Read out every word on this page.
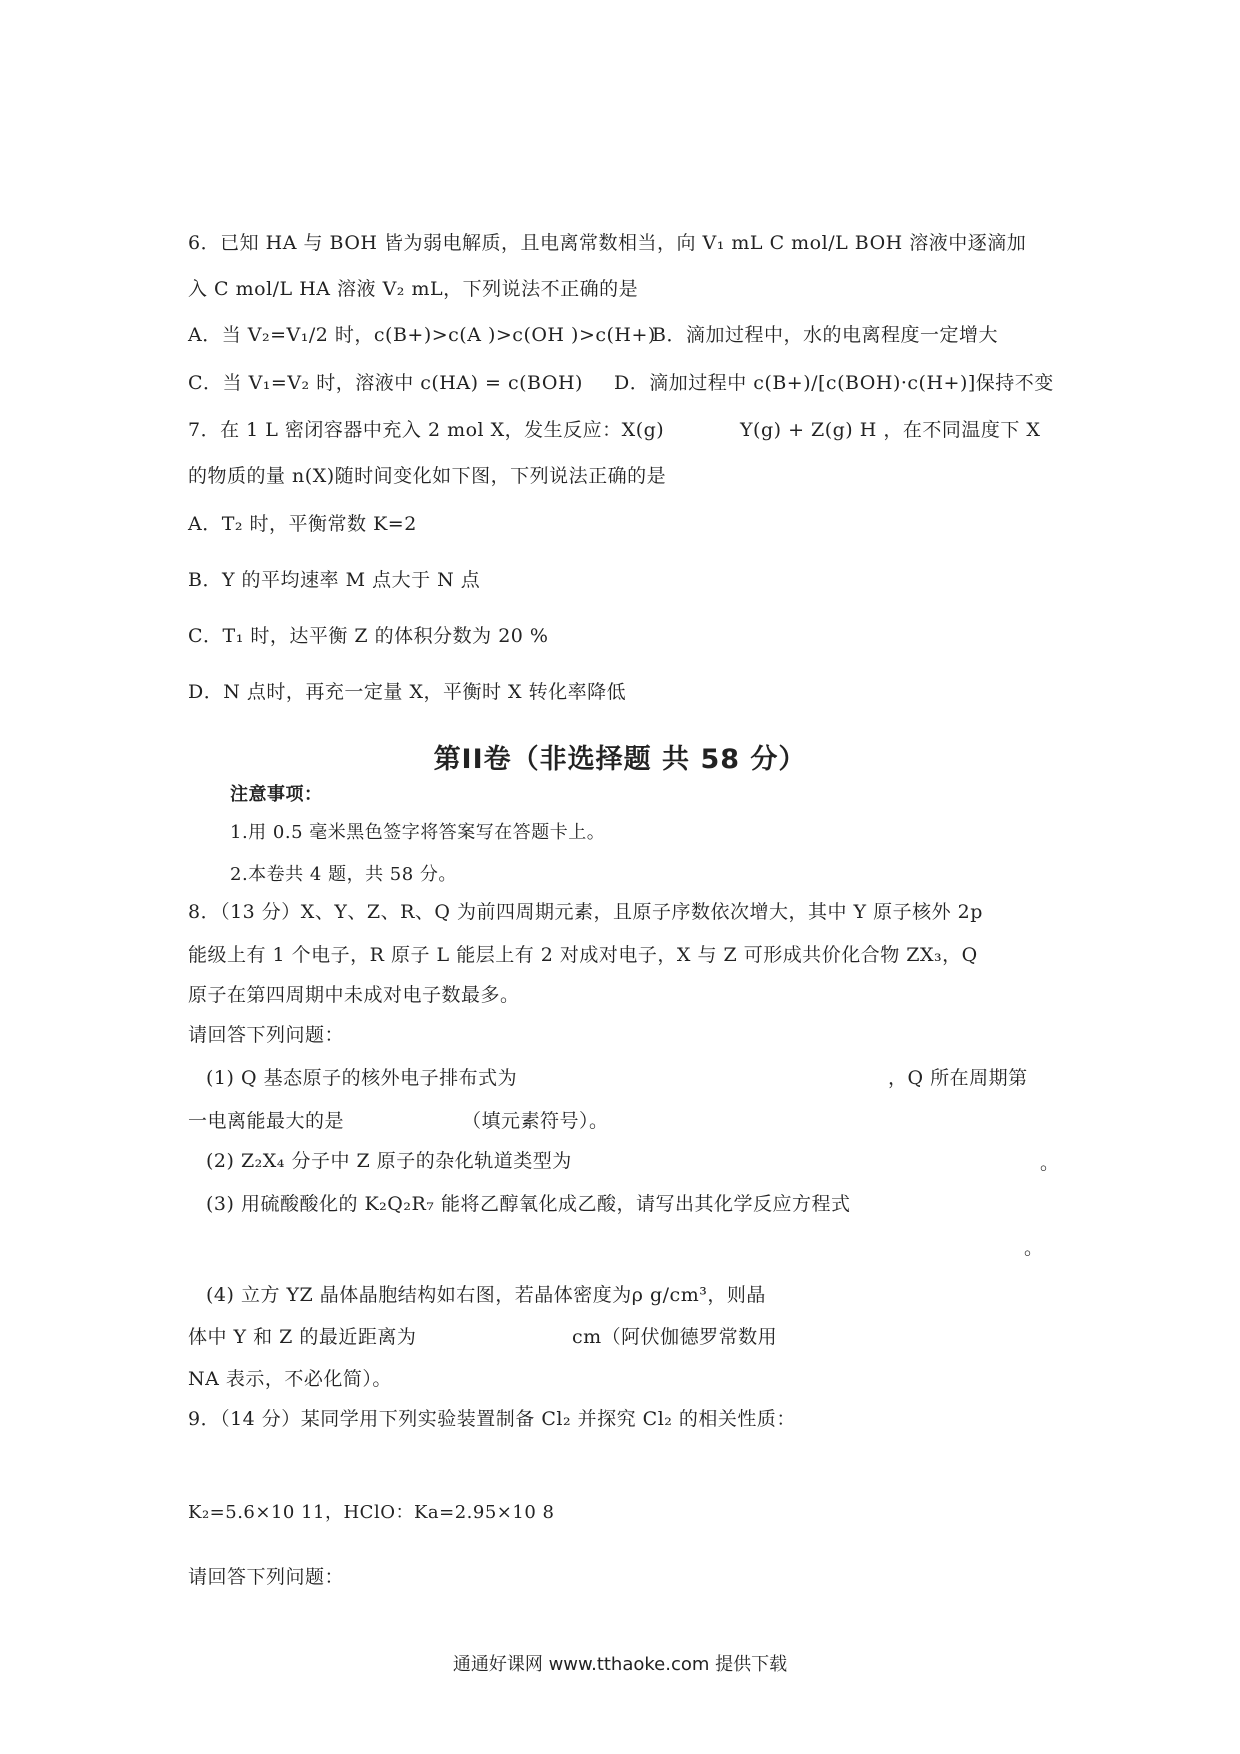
6．已知 HA 与 BOH 皆为弱电解质，且电离常数相当，向 V₁ mL C mol/L BOH 溶液中逐滴加
入 C mol/L HA 溶液 V₂ mL，下列说法不正确的是
A．当 V₂=V₁/2 时，c(B+)>c(A )>c(OH )>c(H+)
B．滴加过程中，水的电离程度一定增大
C．当 V₁=V₂ 时，溶液中 c(HA) = c(BOH) D．滴加过程中 c(B+)/[c(BOH)·c(H+)]保持不变
7．在 1 L 密闭容器中充入 2 mol X，发生反应：X(g)	Y(g) + Z(g) H ，在不同温度下 X
的物质的量 n(X)随时间变化如下图，下列说法正确的是
A．T₂ 时，平衡常数 K=2
B．Y 的平均速率 M 点大于 N 点
C．T₁ 时，达平衡 Z 的体积分数为 20 %
D．N 点时，再充一定量 X，平衡时 X 转化率降低
第II卷（非选择题 共 58 分）
注意事项：
1.用 0.5 毫米黑色签字将答案写在答题卡上。
2.本卷共 4 题，共 58 分。
8．（13 分）X、Y、Z、R、Q 为前四周期元素，且原子序数依次增大，其中 Y 原子核外 2p
能级上有 1 个电子，R 原子 L 能层上有 2 对成对电子，X 与 Z 可形成共价化合物 ZX₃，Q
原子在第四周期中未成对电子数最多。
请回答下列问题：
(1) Q 基态原子的核外电子排布式为	，Q 所在周期第
一电离能最大的是	（填元素符号）。
(2) Z₂X₄ 分子中 Z 原子的杂化轨道类型为	。
(3) 用硫酸酸化的 K₂Q₂R₇ 能将乙醇氧化成乙酸，请写出其化学反应方程式
。
(4) 立方 YZ 晶体晶胞结构如右图，若晶体密度为ρ g/cm³，则晶
体中 Y 和 Z 的最近距离为	cm（阿伏伽德罗常数用
NA 表示，不必化简）。
9．（14 分）某同学用下列实验装置制备 Cl₂ 并探究 Cl₂ 的相关性质：
K₂=5.6×10 11，HClO：Ka=2.95×10 8
请回答下列问题：
通通好课网 www.tthaoke.com 提供下载
